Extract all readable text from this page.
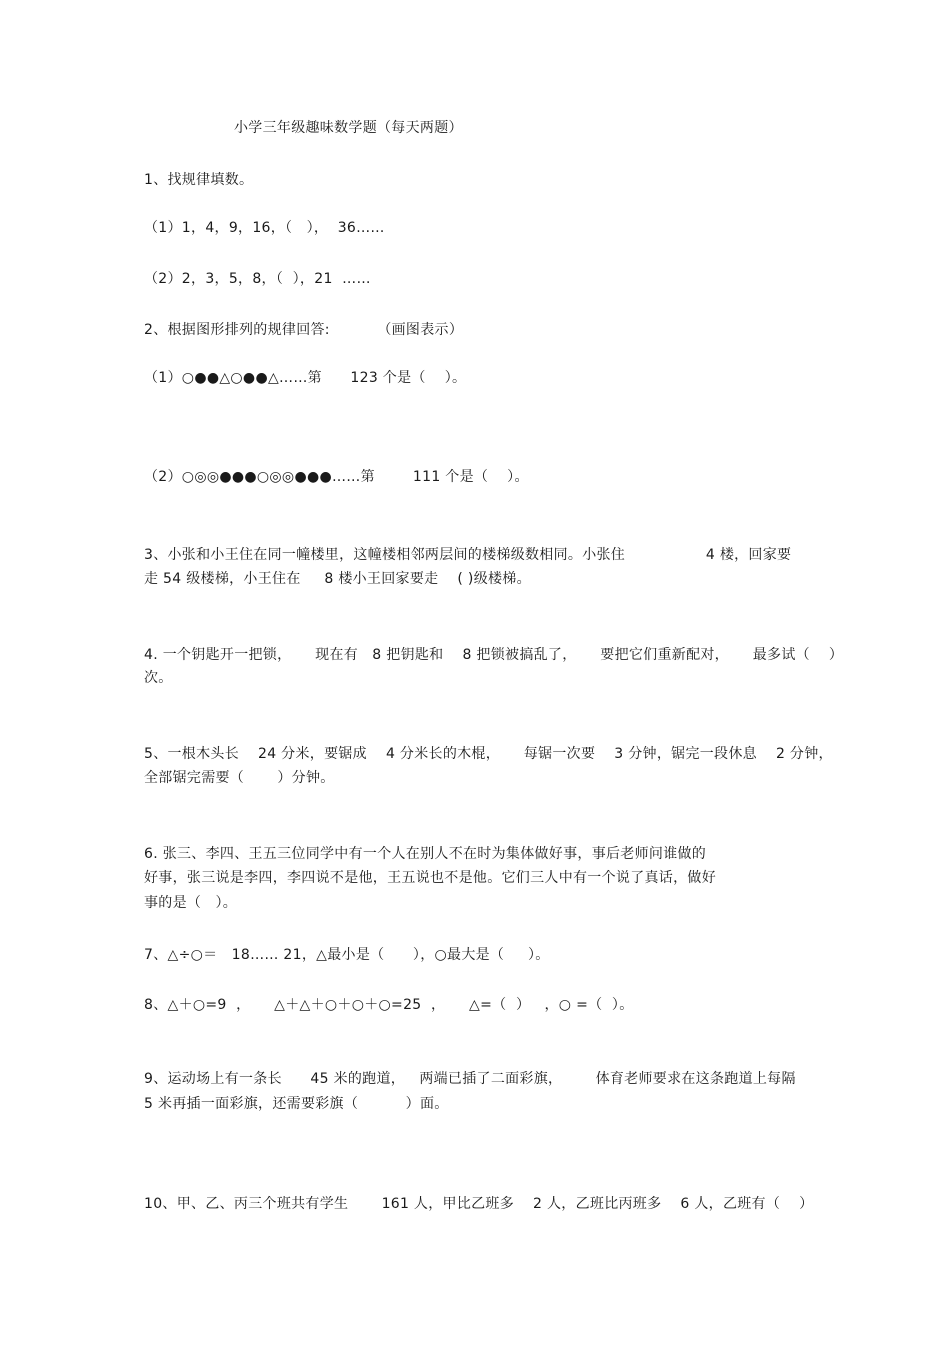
小学三年级趣味数学题（每天两题）
1、找规律填数。
（1）1，4，9，16，（   ），  36……
（2）2，3，5，8，（  ），21  ……
2、根据图形排列的规律回答:          （画图表示）
（1）○●●△○●●△……第      123 个是（    ）。
（2）○◎◎●●●○◎◎●●●……第        111 个是（    ）。
3、小张和小王住在同一幢楼里，这幢楼相邻两层间的楼梯级数相同。小张住                 4 楼，回家要
走 54 级楼梯，小王住在     8 楼小王回家要走    ( )级楼梯。
4. 一个钥匙开一把锁，     现在有   8 把钥匙和    8 把锁被搞乱了，     要把它们重新配对，     最多试（    ）
次。
5、一根木头长    24 分米，要锯成    4 分米长的木棍，     每锯一次要    3 分钟，锯完一段休息    2 分钟，
全部锯完需要（       ）分钟。
6. 张三、李四、王五三位同学中有一个人在别人不在时为集体做好事，事后老师问谁做的
好事，张三说是李四，李四说不是他，王五说也不是他。它们三人中有一个说了真话，做好
事的是（   ）。
7、△÷○＝   18…… 21，△最小是（      ），○最大是（     ）。
8、△＋○=9  ，     △＋△＋○＋○＋○=25  ，     △=（  ）   ，○ =（  ）。
9、运动场上有一条长      45 米的跑道，   两端已插了二面彩旗，       体育老师要求在这条跑道上每隔
5 米再插一面彩旗，还需要彩旗（          ）面。
10、甲、乙、丙三个班共有学生       161 人，甲比乙班多    2 人，乙班比丙班多    6 人，乙班有（    ）
